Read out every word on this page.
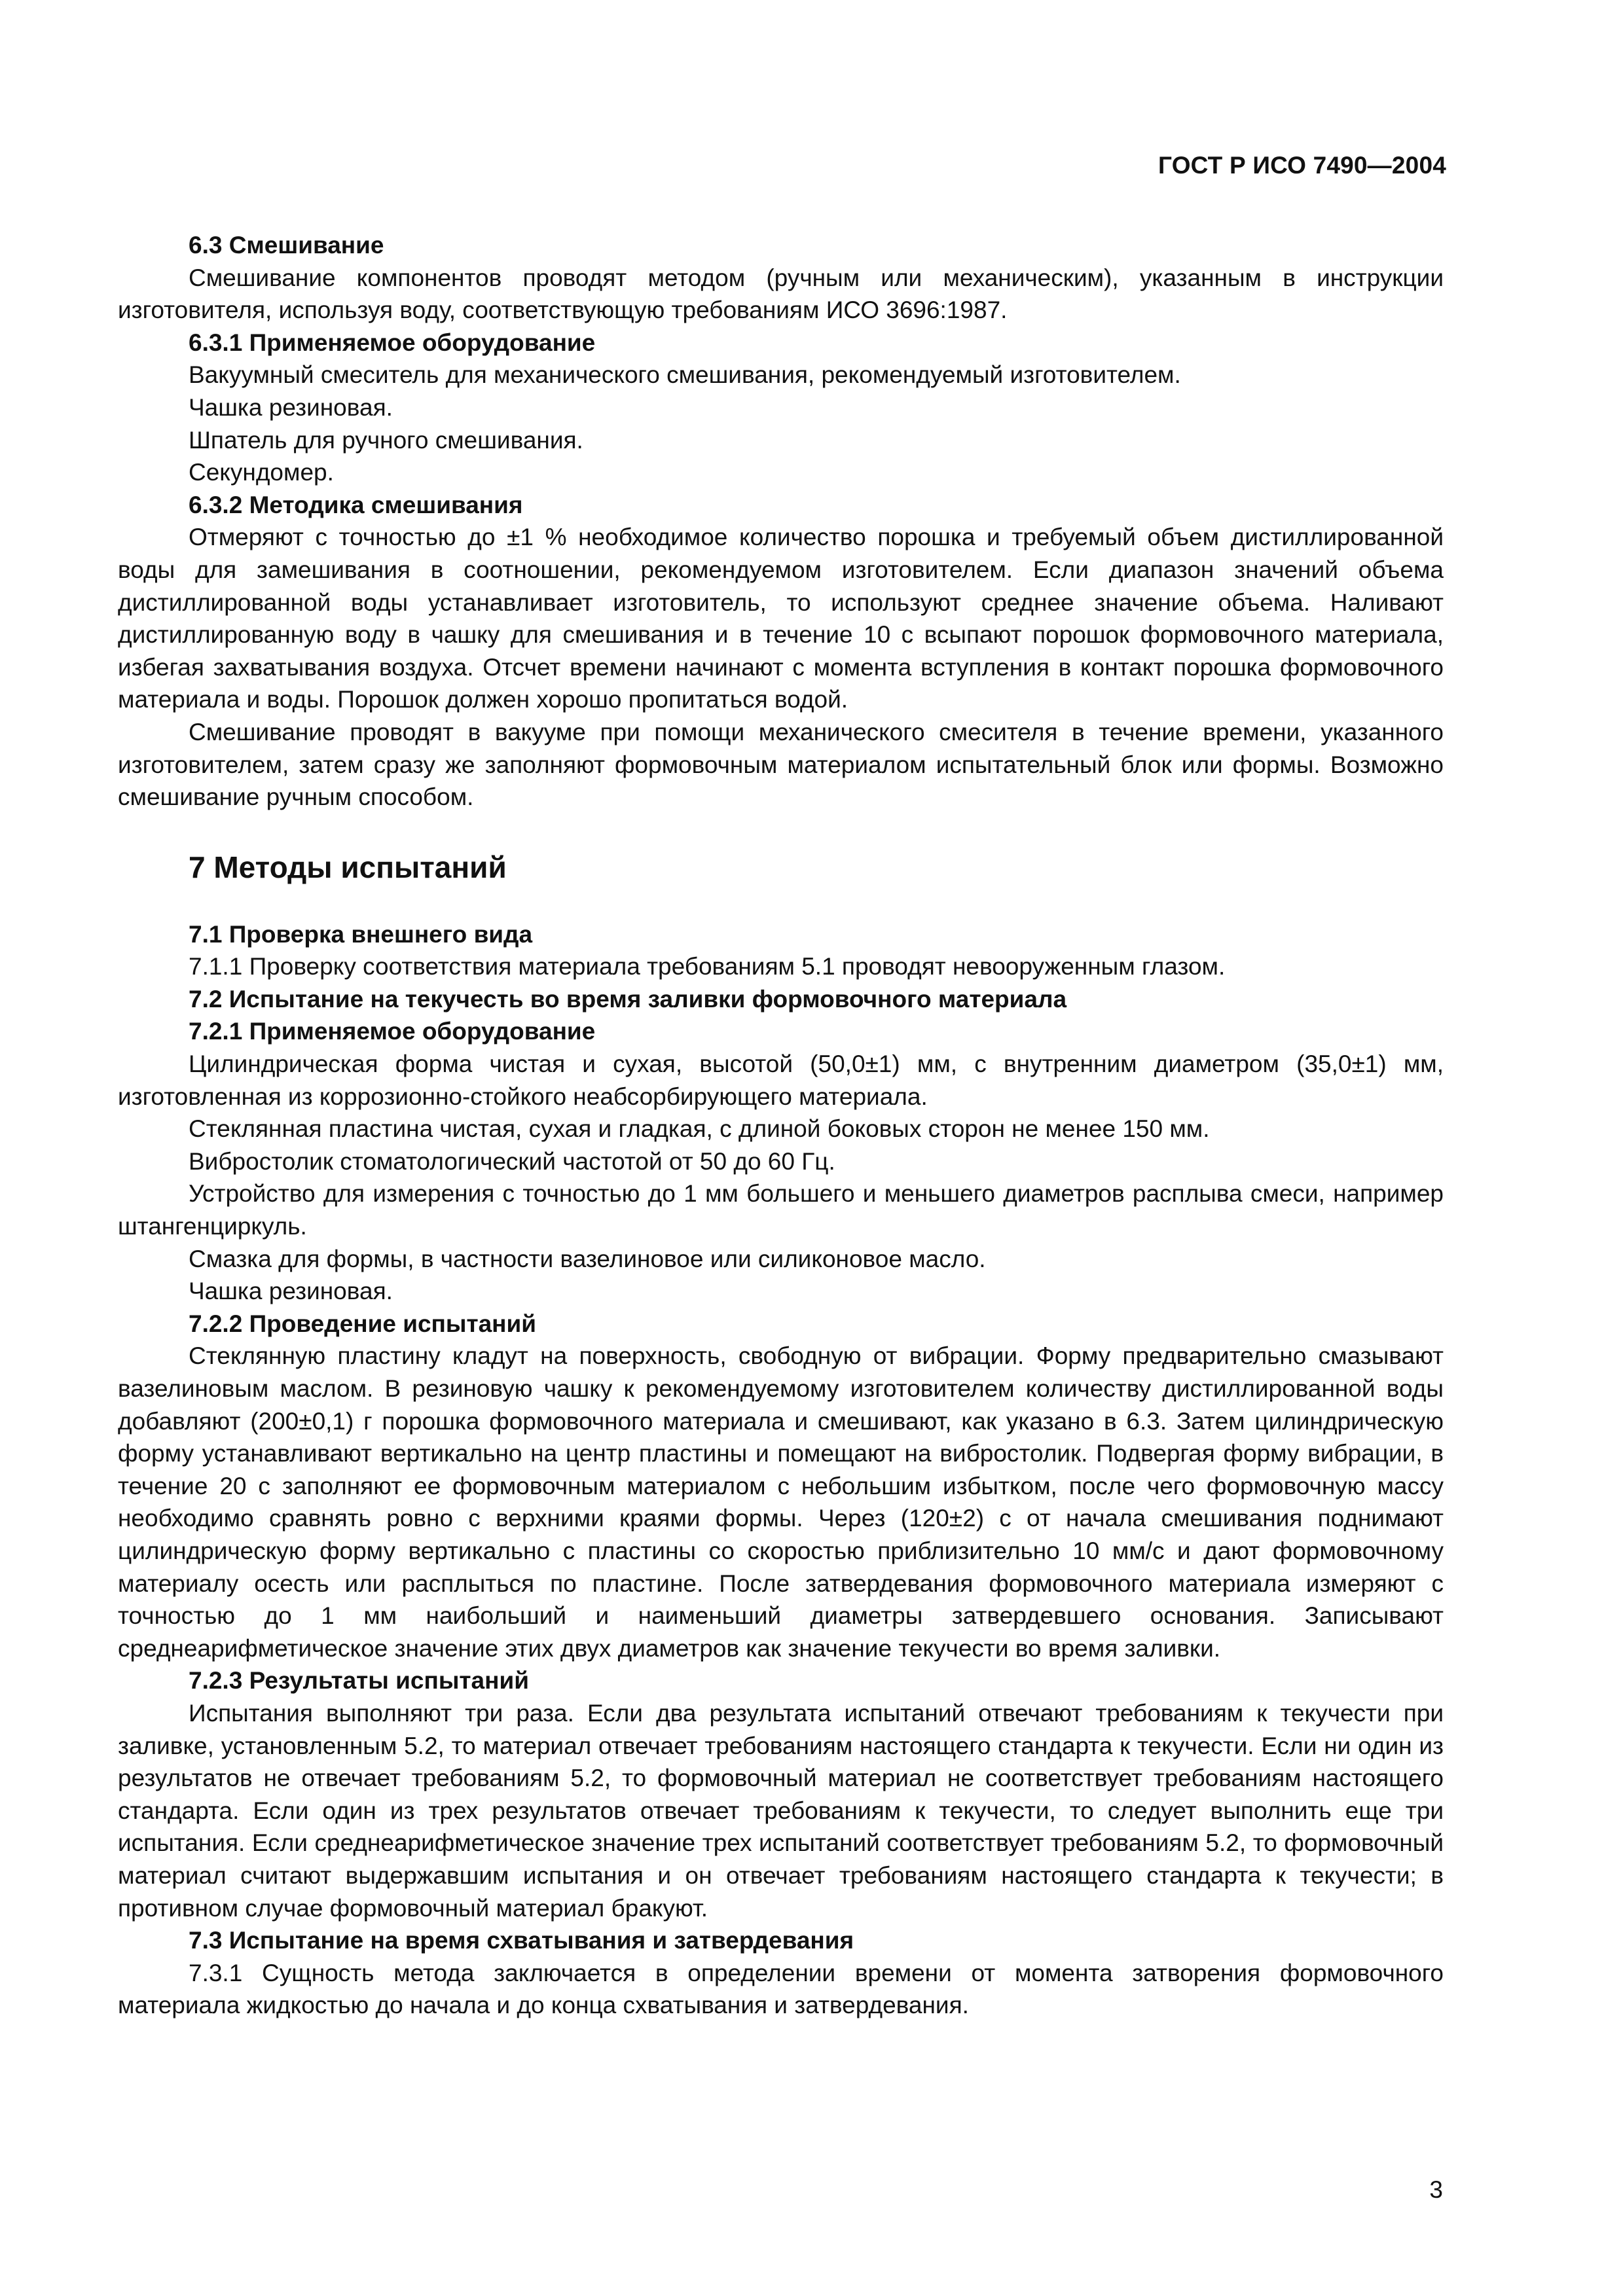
ГОСТ Р ИСО 7490—2004
6.3 Смешивание

Смешивание компонентов проводят методом (ручным или механическим), указанным в инструкции изготовителя, используя воду, соответствующую требованиям ИСО 3696:1987.

6.3.1 Применяемое оборудование

Вакуумный смеситель для механического смешивания, рекомендуемый изготовителем.

Чашка резиновая.

Шпатель для ручного смешивания.

Секундомер.

6.3.2 Методика смешивания

Отмеряют с точностью до ±1 % необходимое количество порошка и требуемый объем дистиллированной воды для замешивания в соотношении, рекомендуемом изготовителем. Если диапазон значений объема дистиллированной воды устанавливает изготовитель, то используют среднее значение объема. Наливают дистиллированную воду в чашку для смешивания и в течение 10 с всыпают порошок формовочного материала, избегая захватывания воздуха. Отсчет времени начинают с момента вступления в контакт порошка формовочного материала и воды. Порошок должен хорошо пропитаться водой.

Смешивание проводят в вакууме при помощи механического смесителя в течение времени, указанного изготовителем, затем сразу же заполняют формовочным материалом испытательный блок или формы. Возможно смешивание ручным способом.

7 Методы испытаний
7.1 Проверка внешнего вида

7.1.1 Проверку соответствия материала требованиям 5.1 проводят невооруженным глазом.

7.2 Испытание на текучесть во время заливки формовочного материала
7.2.1 Применяемое оборудование

Цилиндрическая форма чистая и сухая, высотой (50,0±1) мм, с внутренним диаметром (35,0±1) мм, изготовленная из коррозионно-стойкого неабсорбирующего материала.

Стеклянная пластина чистая, сухая и гладкая, с длиной боковых сторон не менее 150 мм.

Вибростолик стоматологический частотой от 50 до 60 Гц.

Устройство для измерения с точностью до 1 мм большего и меньшего диаметров расплыва смеси, например штангенциркуль.

Смазка для формы, в частности вазелиновое или силиконовое масло.

Чашка резиновая.

7.2.2 Проведение испытаний

Стеклянную пластину кладут на поверхность, свободную от вибрации. Форму предварительно смазывают вазелиновым маслом. В резиновую чашку к рекомендуемому изготовителем количеству дистиллированной воды добавляют (200±0,1) г порошка формовочного материала и смешивают, как указано в 6.3. Затем цилиндрическую форму устанавливают вертикально на центр пластины и помещают на вибростолик. Подвергая форму вибрации, в течение 20 с заполняют ее формовочным материалом с небольшим избытком, после чего формовочную массу необходимо сравнять ровно с верхними краями формы. Через (120±2) с от начала смешивания поднимают цилиндрическую форму вертикально с пластины со скоростью приблизительно 10 мм/с и дают формовочному материалу осесть или расплыться по пластине. После затвердевания формовочного материала измеряют с точностью до 1 мм наибольший и наименьший диаметры затвердевшего основания. Записывают среднеарифметическое значение этих двух диаметров как значение текучести во время заливки.

7.2.3 Результаты испытаний

Испытания выполняют три раза. Если два результата испытаний отвечают требованиям к текучести при заливке, установленным 5.2, то материал отвечает требованиям настоящего стандарта к текучести. Если ни один из результатов не отвечает требованиям 5.2, то формовочный материал не соответствует требованиям настоящего стандарта. Если один из трех результатов отвечает требованиям к текучести, то следует выполнить еще три испытания. Если среднеарифметическое значение трех испытаний соответствует требованиям 5.2, то формовочный материал считают выдержавшим испытания и он отвечает требованиям настоящего стандарта к текучести; в противном случае формовочный материал бракуют.

7.3 Испытание на время схватывания и затвердевания

7.3.1 Сущность метода заключается в определении времени от момента затворения формовочного материала жидкостью до начала и до конца схватывания и затвердевания.

3
